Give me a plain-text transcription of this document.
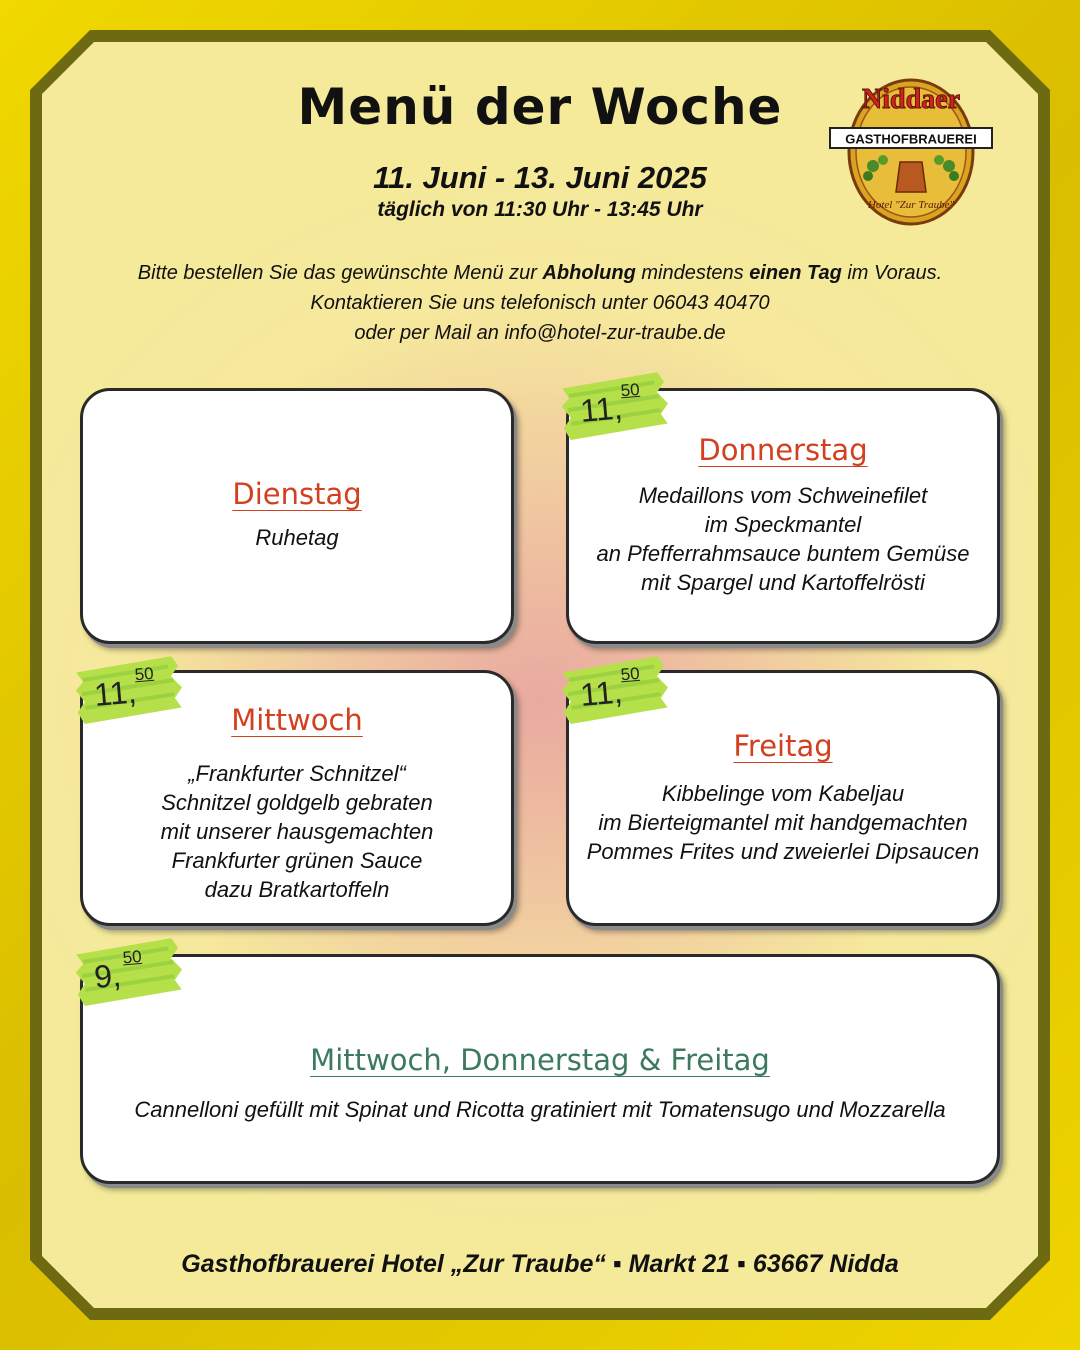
Menü der Woche
11. Juni - 13. Juni 2025
täglich von 11:30 Uhr - 13:45 Uhr
Niddaer
GASTHOFBRAUEREI
Hotel "Zur Traube"
Bitte bestellen Sie das gewünschte Menü zur Abholung mindestens einen Tag im Voraus.
Kontaktieren Sie uns telefonisch unter 06043 40470
oder per Mail an info@hotel-zur-traube.de
Dienstag
Ruhetag
Donnerstag
Medaillons vom Schweinefilet
im Speckmantel
an Pfefferrahmsauce buntem Gemüse
mit Spargel und Kartoffelrösti
Mittwoch
„Frankfurter Schnitzel“
Schnitzel goldgelb gebraten
mit unserer hausgemachten
Frankfurter grünen Sauce
dazu Bratkartoffeln
Freitag
Kibbelinge vom Kabeljau
im Bierteigmantel mit handgemachten
Pommes Frites und zweierlei Dipsaucen
Mittwoch, Donnerstag & Freitag
Cannelloni gefüllt mit Spinat und Ricotta gratiniert mit Tomatensugo und Mozzarella
11,
50
11,
50	11,
50
9, 50
Gasthofbrauerei Hotel „Zur Traube“ ▪ Markt 21 ▪ 63667 Nidda
